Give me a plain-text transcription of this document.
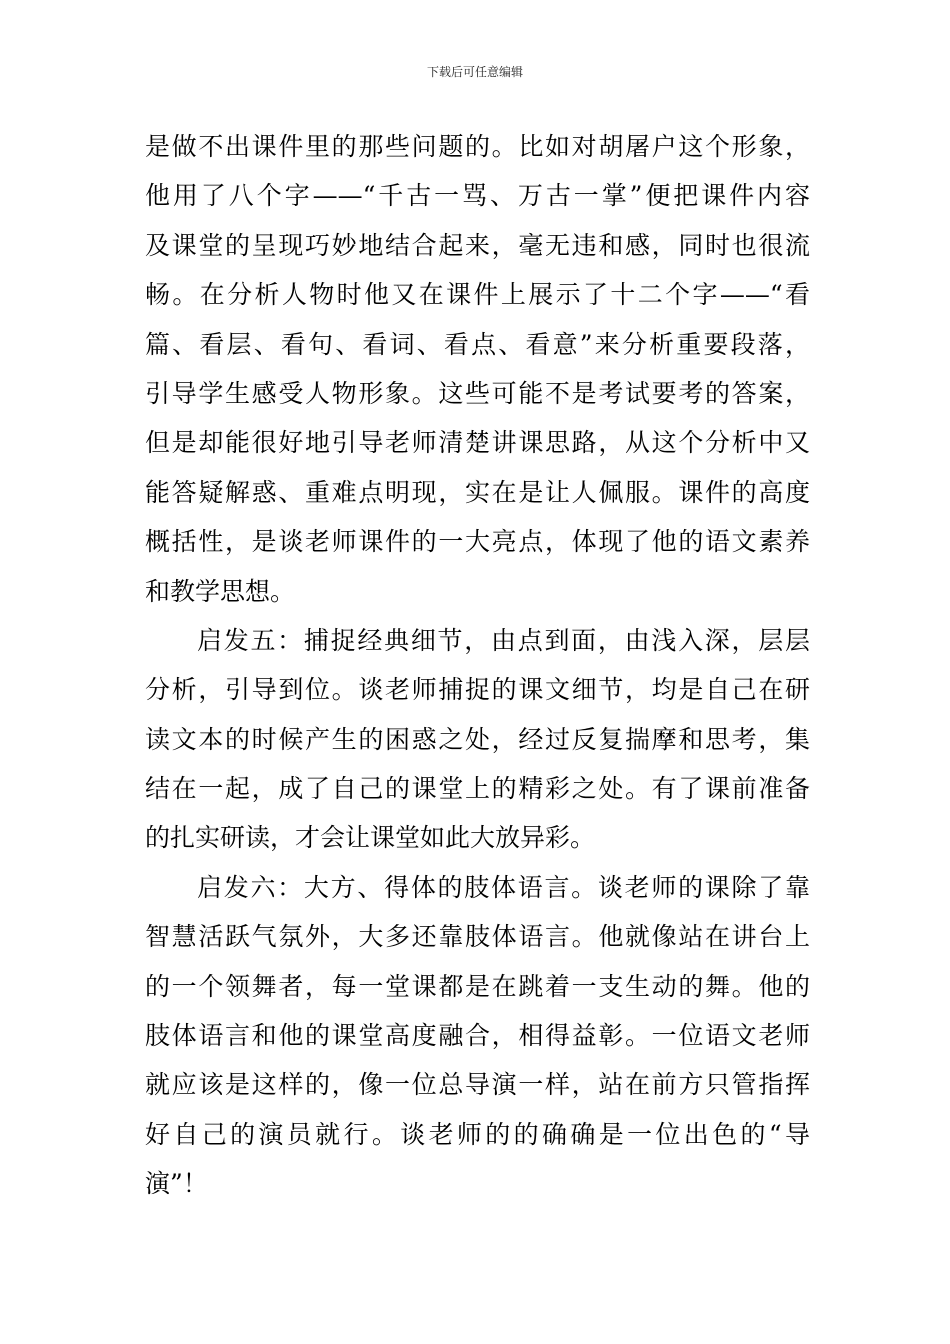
下载后可任意编辑
是做不出课件里的那些问题的。比如对胡屠户这个形象，
他用了八个字——“千古一骂、万古一掌”便把课件内容
及课堂的呈现巧妙地结合起来，毫无违和感，同时也很流
畅。在分析人物时他又在课件上展示了十二个字——“看
篇、看层、看句、看词、看点、看意”来分析重要段落，
引导学生感受人物形象。这些可能不是考试要考的答案，
但是却能很好地引导老师清楚讲课思路，从这个分析中又
能答疑解惑、重难点明现，实在是让人佩服。课件的高度
概括性，是谈老师课件的一大亮点，体现了他的语文素养
和教学思想。
启发五：捕捉经典细节，由点到面，由浅入深，层层
分析，引导到位。谈老师捕捉的课文细节，均是自己在研
读文本的时候产生的困惑之处，经过反复揣摩和思考，集
结在一起，成了自己的课堂上的精彩之处。有了课前准备
的扎实研读，才会让课堂如此大放异彩。
启发六：大方、得体的肢体语言。谈老师的课除了靠
智慧活跃气氛外，大多还靠肢体语言。他就像站在讲台上
的一个领舞者，每一堂课都是在跳着一支生动的舞。他的
肢体语言和他的课堂高度融合，相得益彰。一位语文老师
就应该是这样的，像一位总导演一样，站在前方只管指挥
好自己的演员就行。谈老师的的确确是一位出色的“导
演”！
